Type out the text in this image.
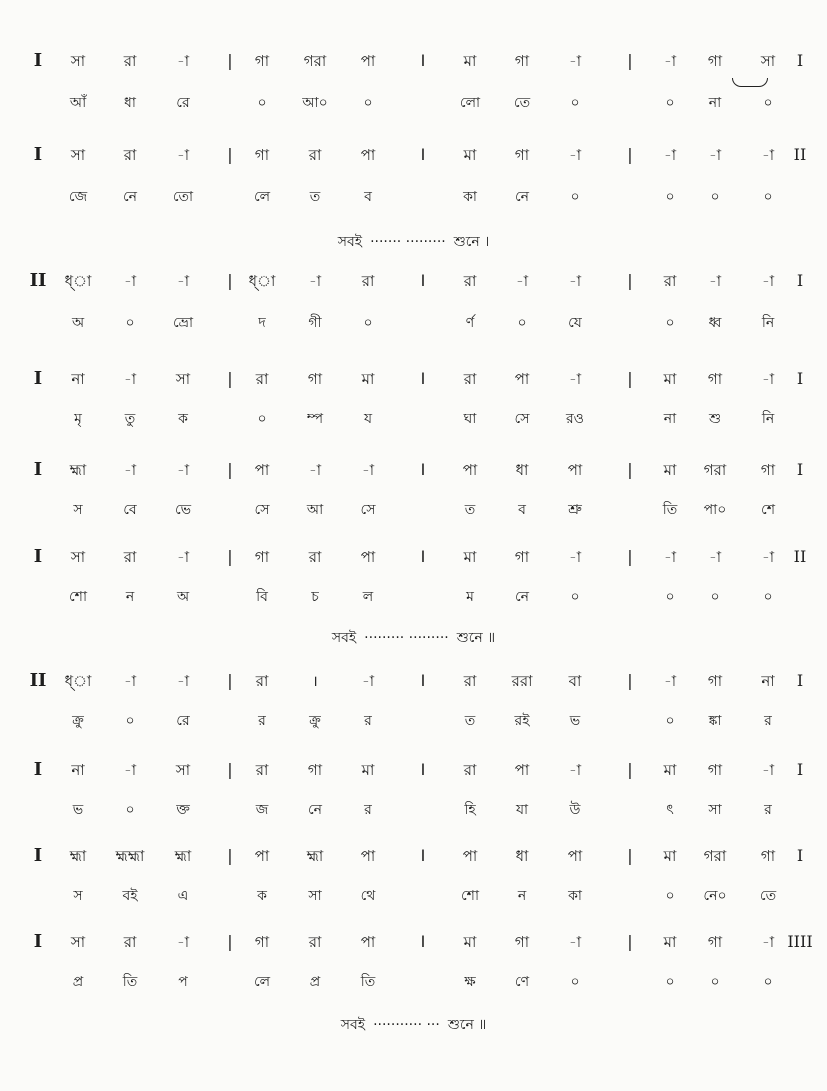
I	সা	রা	-া	|	গা	গরা	পা	I	মা	গা	-া	|	-া	গা	সা	I
আঁ	ধা	রে	০	আ০	০	লো	তে	০	০	না	০
I	সা	রা	-া	|	গা	রা	পা	I	মা	গা	-া	|	-া	-া	-া	II
জে	নে	তো	লে	ত	ব	কা	নে	০	০	০	০
সবই ······· ········· শুনে ।
II	ধ্া	-া	-া	|	ধ্া	-া	রা	I	রা	-া	-া	|	রা	-া	-া	I
অ	০	ভ্রো	দ	গী	০	র্ণ	০	যে	০	ধ্ব	নি
I	না	-া	সা	|	রা	গা	মা	I	রা	পা	-া	|	মা	গা	-া	I
মৃ	তু	ক	০	ম্প	য	ঘা	সে	রও	না	শু	নি
I	হ্মা	-া	-া	|	পা	-া	-া	I	পা	ধা	পা	|	মা	গরা	গা	I
স	বে	ভে	সে	আ	সে	ত	ব	শ্রু	তি	পা০	শে
I	সা	রা	-া	|	গা	রা	পা	I	মা	গা	-া	|	-া	-া	-া	II
শো	ন	অ	বি	চ	ল	ম	নে	০	০	০	০
সবই ········· ········· শুনে ॥
II	ধ্া	-া	-া	|	রা	।	-া	I	রা	ররা	বা	|	-া	গা	না	I
ক্রু	০	রে	র	ক্রু	র	ত	রই	ভ	০	ঙ্কা	র
I	না	-া	সা	|	রা	গা	মা	I	রা	পা	-া	|	মা	গা	-া	I
ভ	০	ক্ত	জ	নে	র	হি	যা	উ	ৎ	সা	র
I	হ্মা	হ্মহ্মা	হ্মা	|	পা	হ্মা	পা	I	পা	ধা	পা	|	মা	গরা	গা	I
স	বই	এ	ক	সা	থে	শো	ন	কা	০	নে০	তে
I	সা	রা	-া	|	গা	রা	পা	I	মা	গা	-া	|	মা	গা	-া IIII
প্র	তি	প	লে	প্র	তি	ক্ষ	ণে	০	০	০	০
সবই ··········· ··· শুনে ॥
